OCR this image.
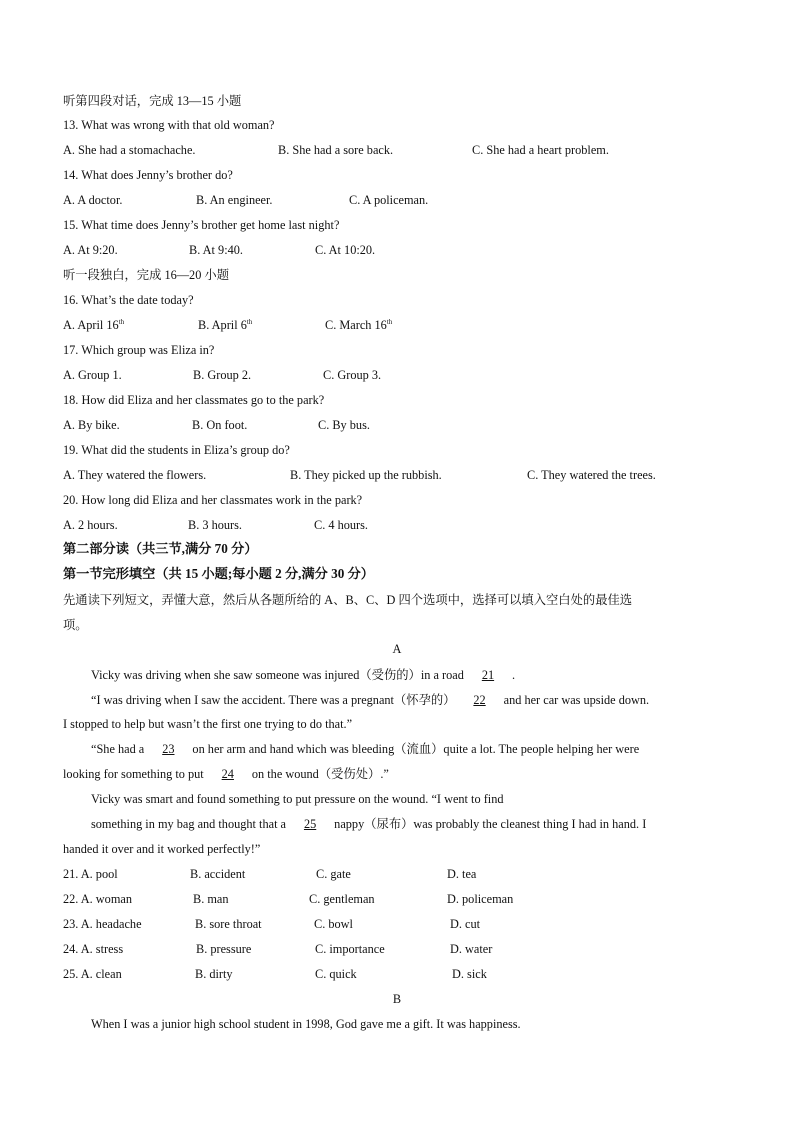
听第四段对话，完成 13—15 小题
13. What was wrong with that old woman?
A. She had a stomachache.	B. She had a sore back.	C. She had a heart problem.
14. What does Jenny’s brother do?
A. A doctor.	B. An engineer.	C. A policeman.
15. What time does Jenny’s brother get home last night?
A. At 9:20.	B. At 9:40.	C. At 10:20.
听一段独白，完成 16—20 小题
16. What’s the date today?
A. April 16th	B. April 6th	C. March 16th
17. Which group was Eliza in?
A. Group 1.	B. Group 2.	C. Group 3.
18. How did Eliza and her classmates go to the park?
A. By bike.	B. On foot.	C. By bus.
19. What did the students in Eliza’s group do?
A. They watered the flowers.	B. They picked up the rubbish.	C. They watered the trees.
20. How long did Eliza and her classmates work in the park?
A. 2 hours.	B. 3 hours.	C. 4 hours.
第二部分读（共三节,满分 70 分）
第一节完形填空（共 15 小题;每小题 2 分,满分 30 分）
先通读下列短文，弄懂大意，然后从各题所给的 A、B、C、D 四个选项中，选择可以填入空白处的最佳选
项。
A
Vicky was driving when she saw someone was injured（受伤的）in a road 21 .
“I was driving when I saw the accident. There was a pregnant（怀孕的） 22 and her car was upside down.
I stopped to help but wasn’t the first one trying to do that.”
“She had a 23 on her arm and hand which was bleeding（流血）quite a lot. The people helping her were
looking for something to put 24 on the wound（受伤处）.”
Vicky was smart and found something to put pressure on the wound. “I went to find
something in my bag and thought that a 25 nappy（尿布）was probably the cleanest thing I had in hand. I
handed it over and it worked perfectly!”
21. A. pool	B. accident	C. gate	D. tea
22. A. woman	B. man	C. gentleman	D. policeman
23. A. headache	B. sore throat	C. bowl	D. cut
24. A. stress	B. pressure	C. importance	D. water
25. A. clean	B. dirty	C. quick	D. sick
B
When I was a junior high school student in 1998, God gave me a gift. It was happiness.
